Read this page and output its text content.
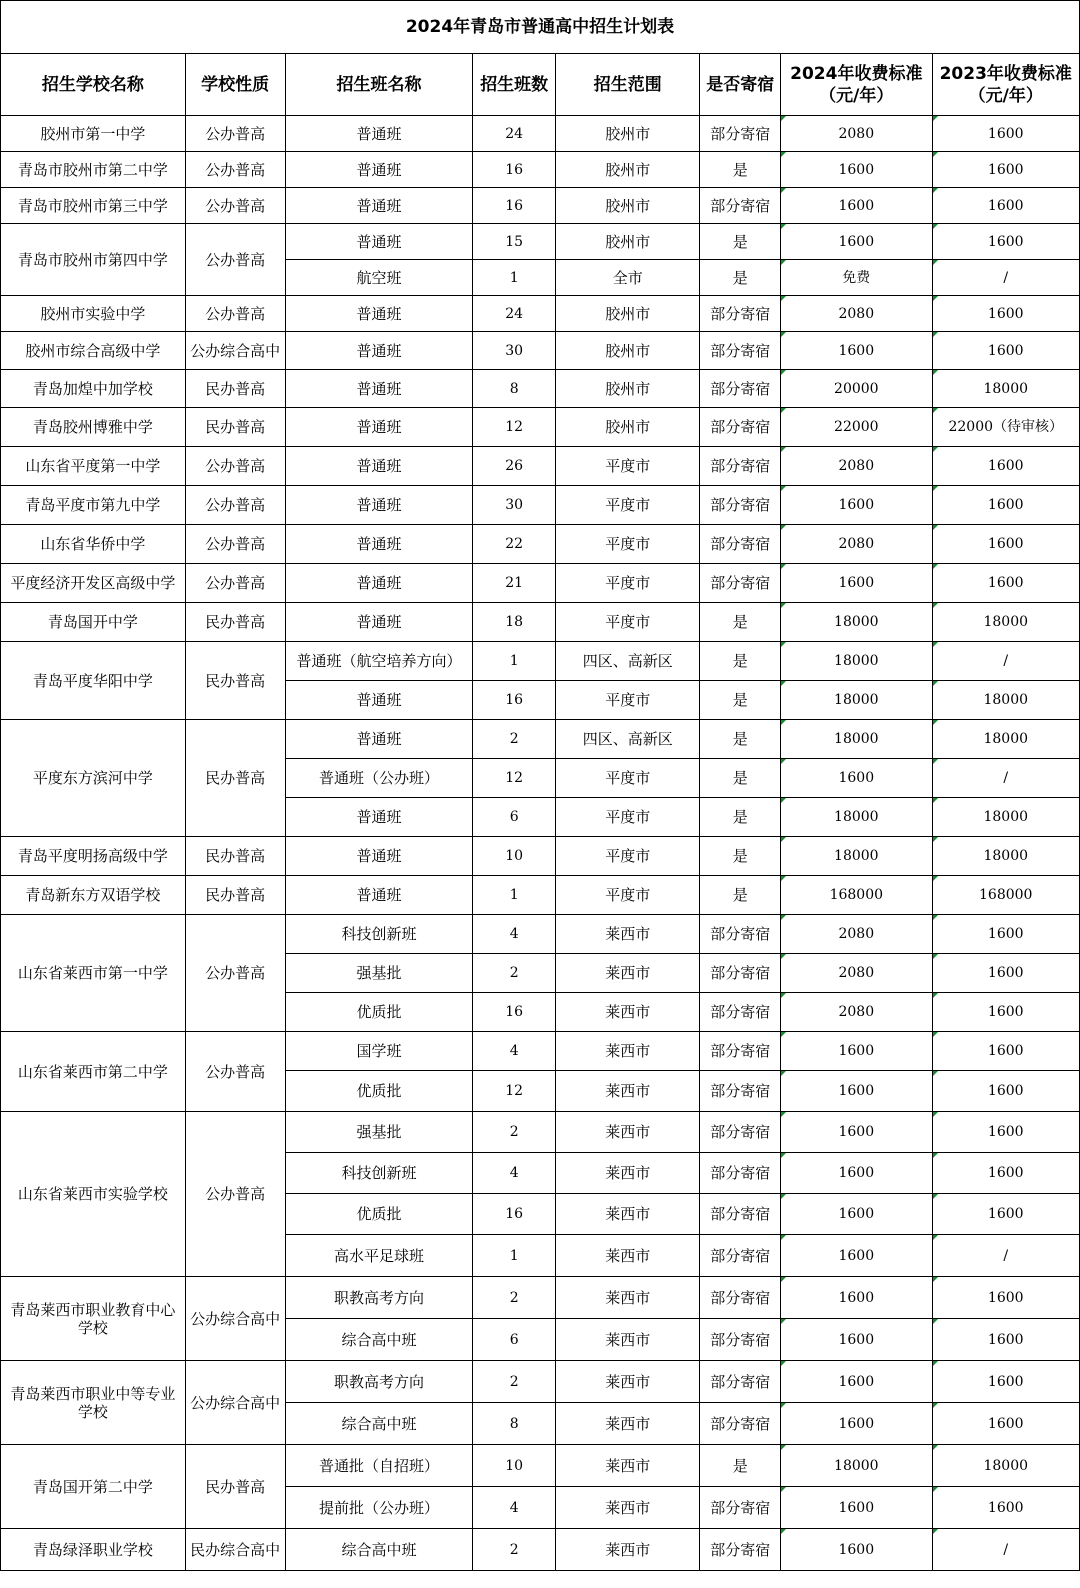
2024年青岛市普通高中招生计划表							
招生学校名称	学校性质	招生班名称	招生班数	招生范围	是否寄宿	2024年收费标准（元/年）	2023年收费标准（元/年）
胶州市第一中学	公办普高	普通班	24	胶州市	部分寄宿	2080	1600
青岛市胶州市第二中学	公办普高	普通班	16	胶州市	是	1600	1600
青岛市胶州市第三中学	公办普高	普通班	16	胶州市	部分寄宿	1600	1600
青岛市胶州市第四中学	公办普高	普通班	15	胶州市	是	1600	1600
		航空班	1	全市	是	免费	/
胶州市实验中学	公办普高	普通班	24	胶州市	部分寄宿	2080	1600
胶州市综合高级中学	公办综合高中	普通班	30	胶州市	部分寄宿	1600	1600
青岛加煌中加学校	民办普高	普通班	8	胶州市	部分寄宿	20000	18000
青岛胶州博雅中学	民办普高	普通班	12	胶州市	部分寄宿	22000	22000（待审核）
山东省平度第一中学	公办普高	普通班	26	平度市	部分寄宿	2080	1600
青岛平度市第九中学	公办普高	普通班	30	平度市	部分寄宿	1600	1600
山东省华侨中学	公办普高	普通班	22	平度市	部分寄宿	2080	1600
平度经济开发区高级中学	公办普高	普通班	21	平度市	部分寄宿	1600	1600
青岛国开中学	民办普高	普通班	18	平度市	是	18000	18000
青岛平度华阳中学	民办普高	普通班（航空培养方向）	1	四区、高新区	是	18000	/
		普通班	16	平度市	是	18000	18000
平度东方滨河中学	民办普高	普通班	2	四区、高新区	是	18000	18000
		普通班（公办班）	12	平度市	是	1600	/
		普通班	6	平度市	是	18000	18000
青岛平度明扬高级中学	民办普高	普通班	10	平度市	是	18000	18000
青岛新东方双语学校	民办普高	普通班	1	平度市	是	168000	168000
山东省莱西市第一中学	公办普高	科技创新班	4	莱西市	部分寄宿	2080	1600
		强基批	2	莱西市	部分寄宿	2080	1600
		优质批	16	莱西市	部分寄宿	2080	1600
山东省莱西市第二中学	公办普高	国学班	4	莱西市	部分寄宿	1600	1600
		优质批	12	莱西市	部分寄宿	1600	1600
山东省莱西市实验学校	公办普高	强基批	2	莱西市	部分寄宿	1600	1600
		科技创新班	4	莱西市	部分寄宿	1600	1600
		优质批	16	莱西市	部分寄宿	1600	1600
		高水平足球班	1	莱西市	部分寄宿	1600	/
青岛莱西市职业教育中心学校	公办综合高中	职教高考方向	2	莱西市	部分寄宿	1600	1600
		综合高中班	6	莱西市	部分寄宿	1600	1600
青岛莱西市职业中等专业学校	公办综合高中	职教高考方向	2	莱西市	部分寄宿	1600	1600
		综合高中班	8	莱西市	部分寄宿	1600	1600
青岛国开第二中学	民办普高	普通批（自招班）	10	莱西市	是	18000	18000
		提前批（公办班）	4	莱西市	部分寄宿	1600	1600
青岛绿泽职业学校	民办综合高中	综合高中班	2	莱西市	部分寄宿	1600	/
